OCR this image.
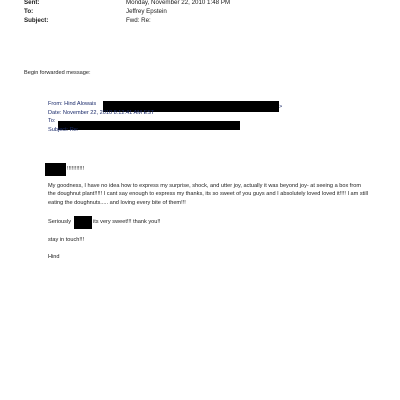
Sent:	Monday, November 22, 2010 1:48 PM
To:	Jeffrey Epstein
Subject:	Fwd: Re:
Begin forwarded message:
From: Hind Alowais	>
Date: November 22, 2010 8:12:41 AM EST
To:
Subject: Re:
!!!!!!!!!!!
My goodness, I have no idea how to express my surprise, shock, and utter joy, actually it was beyond joy- at seeing a box from the doughnut plant!!!!! I cant say enough to express my thanks, its so sweet of you guys and I absolutely loved loved it!!!! I am still eating the doughnuts..... and loving every bite of them!!!
Seriously	its very sweet!!! thank you!!
stay in touch!!!
Hind
